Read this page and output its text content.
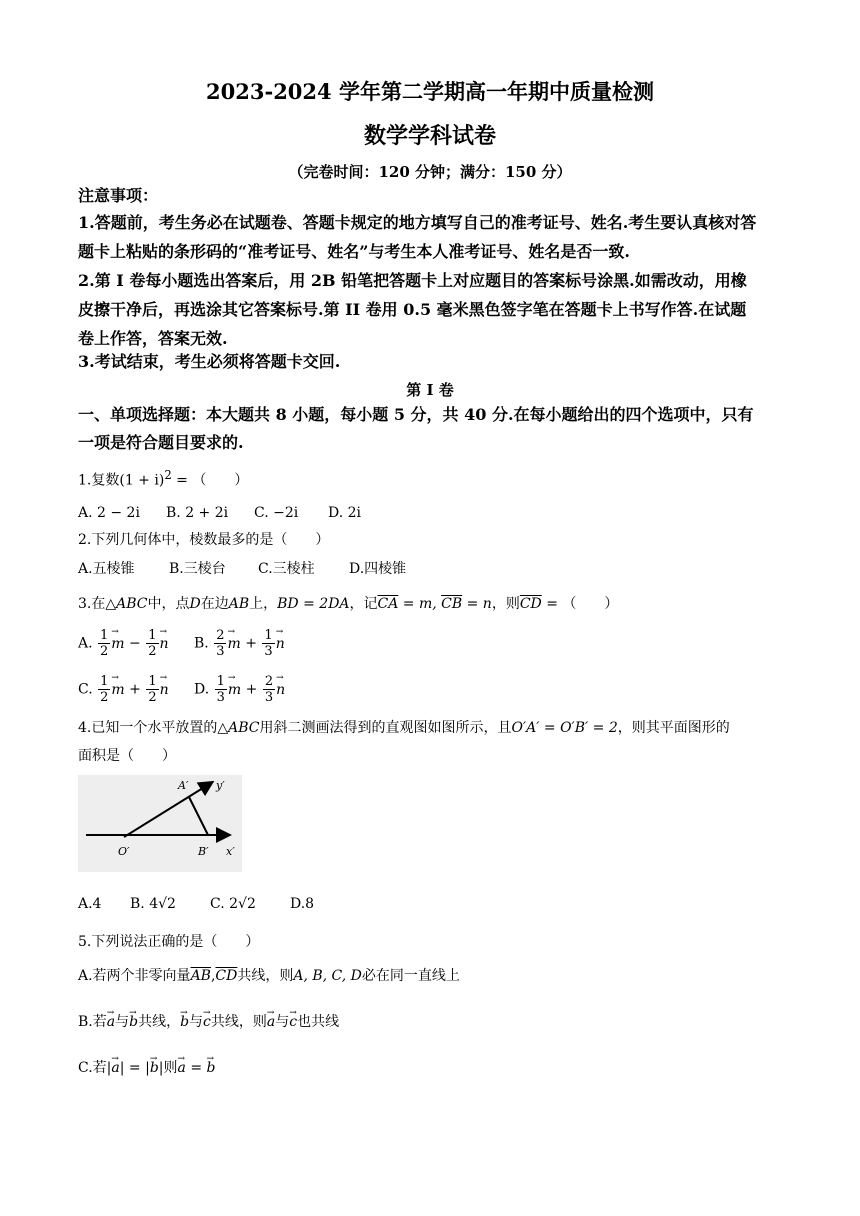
2023-2024 学年第二学期高一年期中质量检测
数学学科试卷
（完卷时间：120 分钟；满分：150 分）
注意事项：
1.答题前，考生务必在试题卷、答题卡规定的地方填写自己的准考证号、姓名.考生要认真核对答
题卡上粘贴的条形码的“准考证号、姓名”与考生本人准考证号、姓名是否一致.
2.第 I 卷每小题选出答案后，用 2B 铅笔把答题卡上对应题目的答案标号涂黑.如需改动，用橡
皮擦干净后，再选涂其它答案标号.第 II 卷用 0.5 毫米黑色签字笔在答题卡上书写作答.在试题
卷上作答，答案无效.
3.考试结束，考生必须将答题卡交回.
第 I 卷
一、单项选择题：本大题共 8 小题，每小题 5 分，共 40 分.在每小题给出的四个选项中，只有
一项是符合题目要求的.
1.复数$(1 + i)^2$ = （　　）
A. 2 − 2i B. 2 + 2i C. −2i D. 2i
2.下列几何体中，棱数最多的是（　　）
A.五棱锥 B.三棱台 C.三棱柱 D.四棱锥
3.在△ABC中，点D在边AB上，BD = 2DA，记$\overline{CA} = m$, $\overline{CB} = n$，则$\overline{CD}$ = （　　）
A. $\frac{1}{2} \to m - \frac{1}{2} \to n$ B. $\frac{2}{3} \to m + \frac{1}{3} \to n$
C. $\frac{1}{2} \to m + \frac{1}{2} \to n$ D. $\frac{1}{3} \to m + \frac{2}{3} \to n$
4.已知一个水平放置的△ABC用斜二测画法得到的直观图如图所示，且O′A′ = O′B′ = 2，则其平面图形的
面积是（　　）
A′	y′
O′	B′ x′
A.4 B. 4√2 C. 2√2 D.8
5.下列说法正确的是（　　）
A.若两个非零向量$\overline{AB},\overline{CD}$共线，则A, B, C, D必在同一直线上
B.若→ a与→ b共线，→ b与→ c共线，则→ a与→ c也共线
C.若|→ a| = |→ b|则→ a = → b
